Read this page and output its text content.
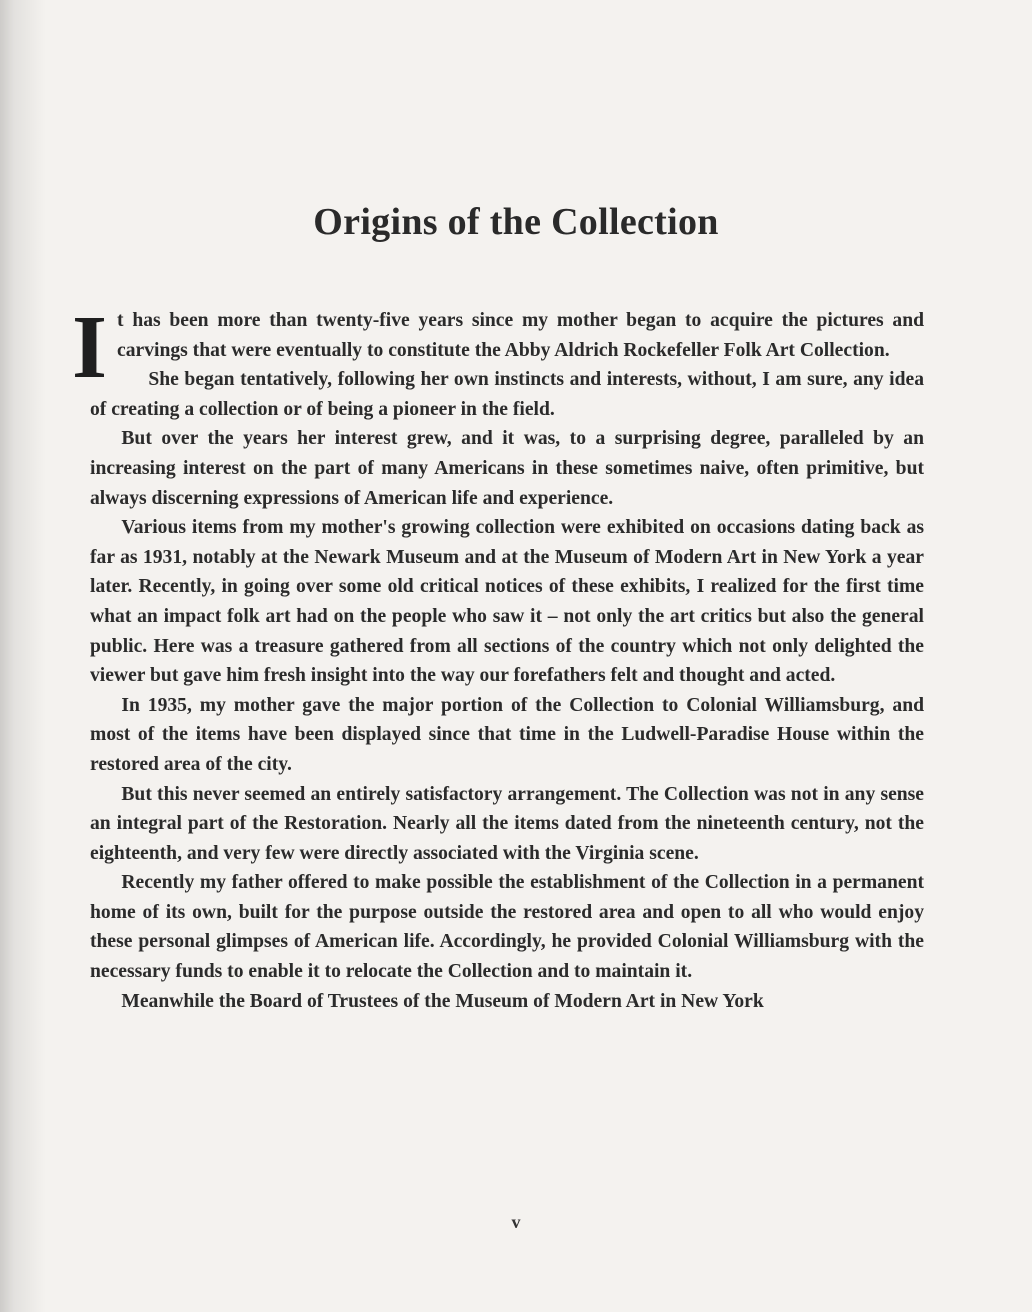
Origins of the Collection

It has been more than twenty-five years since my mother began to acquire the pictures and carvings that were eventually to constitute the Abby Aldrich Rockefeller Folk Art Collection.

She began tentatively, following her own instincts and interests, without, I am sure, any idea of creating a collection or of being a pioneer in the field.

But over the years her interest grew, and it was, to a surprising degree, paralleled by an increasing interest on the part of many Americans in these sometimes naive, often primitive, but always discerning expressions of American life and experience.

Various items from my mother's growing collection were exhibited on occasions dating back as far as 1931, notably at the Newark Museum and at the Museum of Modern Art in New York a year later. Recently, in going over some old critical notices of these exhibits, I realized for the first time what an impact folk art had on the people who saw it – not only the art critics but also the general public. Here was a treasure gathered from all sections of the country which not only delighted the viewer but gave him fresh insight into the way our forefathers felt and thought and acted.

In 1935, my mother gave the major portion of the Collection to Colonial Williamsburg, and most of the items have been displayed since that time in the Ludwell-Paradise House within the restored area of the city.

But this never seemed an entirely satisfactory arrangement. The Collection was not in any sense an integral part of the Restoration. Nearly all the items dated from the nineteenth century, not the eighteenth, and very few were directly associated with the Virginia scene.

Recently my father offered to make possible the establishment of the Collection in a permanent home of its own, built for the purpose outside the restored area and open to all who would enjoy these personal glimpses of American life. Accordingly, he provided Colonial Williamsburg with the necessary funds to enable it to relocate the Collection and to maintain it.

Meanwhile the Board of Trustees of the Museum of Modern Art in New York

v
